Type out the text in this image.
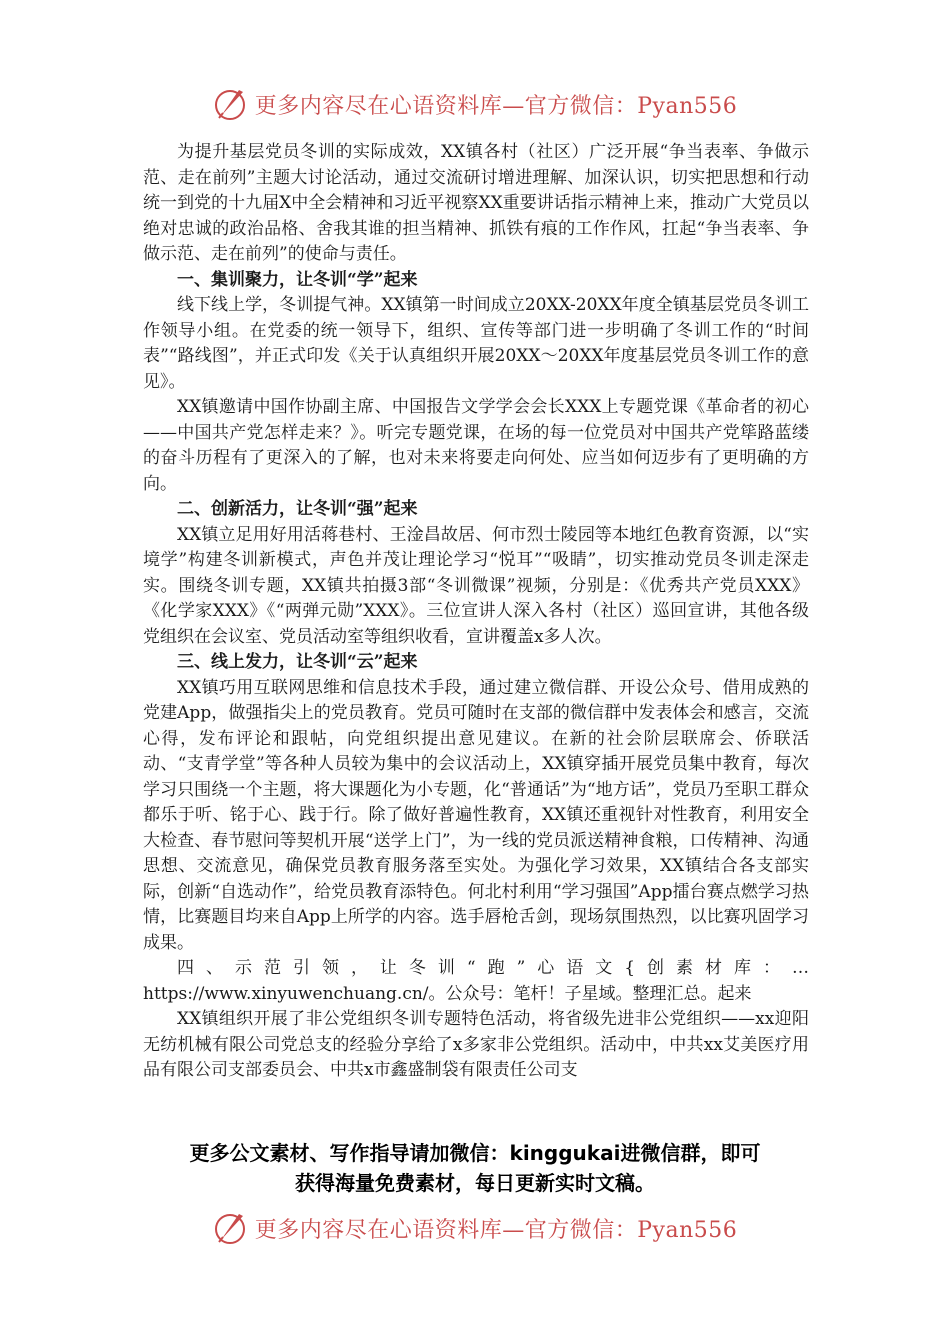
更多内容尽在心语资料库—官方微信：Pyan556

为提升基层党员冬训的实际成效，XX镇各村（社区）广泛开展“争当表率、争做示范、走在前列”主题大讨论活动，通过交流研讨增进理解、加深认识，切实把思想和行动统一到党的十九届X中全会精神和习近平视察XX重要讲话指示精神上来，推动广大党员以绝对忠诚的政治品格、舍我其谁的担当精神、抓铁有痕的工作作风，扛起“争当表率、争做示范、走在前列”的使命与责任。

一、集训聚力，让冬训“学”起来

线下线上学，冬训提气神。XX镇第一时间成立20XX-20XX年度全镇基层党员冬训工作领导小组。在党委的统一领导下，组织、宣传等部门进一步明确了冬训工作的“时间表”“路线图”，并正式印发《关于认真组织开展20XX～20XX年度基层党员冬训工作的意见》。

XX镇邀请中国作协副主席、中国报告文学学会会长XXX上专题党课《革命者的初心——中国共产党怎样走来？》。听完专题党课，在场的每一位党员对中国共产党筚路蓝缕的奋斗历程有了更深入的了解，也对未来将要走向何处、应当如何迈步有了更明确的方向。

二、创新活力，让冬训“强”起来

XX镇立足用好用活蒋巷村、王淦昌故居、何市烈士陵园等本地红色教育资源，以“实境学”构建冬训新模式，声色并茂让理论学习“悦耳”“吸睛”，切实推动党员冬训走深走实。围绕冬训专题，XX镇共拍摄3部“冬训微课”视频，分别是：《优秀共产党员XXX》《化学家XXX》《“两弹元勋”XXX》。三位宣讲人深入各村（社区）巡回宣讲，其他各级党组织在会议室、党员活动室等组织收看，宣讲覆盖x多人次。

三、线上发力，让冬训“云”起来

XX镇巧用互联网思维和信息技术手段，通过建立微信群、开设公众号、借用成熟的党建App，做强指尖上的党员教育。党员可随时在支部的微信群中发表体会和感言，交流心得，发布评论和跟帖，向党组织提出意见建议。在新的社会阶层联席会、侨联活动、“支青学堂”等各种人员较为集中的会议活动上，XX镇穿插开展党员集中教育，每次学习只围绕一个主题，将大课题化为小专题，化“普通话”为“地方话”，党员乃至职工群众都乐于听、铭于心、践于行。除了做好普遍性教育，XX镇还重视针对性教育，利用安全大检查、春节慰问等契机开展“送学上门”，为一线的党员派送精神食粮，口传精神、沟通思想、交流意见，确保党员教育服务落至实处。为强化学习效果，XX镇结合各支部实际，创新“自选动作”，给党员教育添特色。何北村利用“学习强国”App擂台赛点燃学习热情，比赛题目均来自App上所学的内容。选手唇枪舌剑，现场氛围热烈，以比赛巩固学习成果。

四、示范引领，让冬训“跑”心语文{创素材库：…https://www.xinyuwenchuang.cn/。公众号：笔杆！子星域。整理汇总。起来

XX镇组织开展了非公党组织冬训专题特色活动，将省级先进非公党组织——xx迎阳无纺机械有限公司党总支的经验分享给了x多家非公党组织。活动中，中共xx艾美医疗用品有限公司支部委员会、中共x市鑫盛制袋有限责任公司支

更多公文素材、写作指导请加微信：kinggukai进微信群，即可
获得海量免费素材，每日更新实时文稿。
更多内容尽在心语资料库—官方微信：Pyan556
